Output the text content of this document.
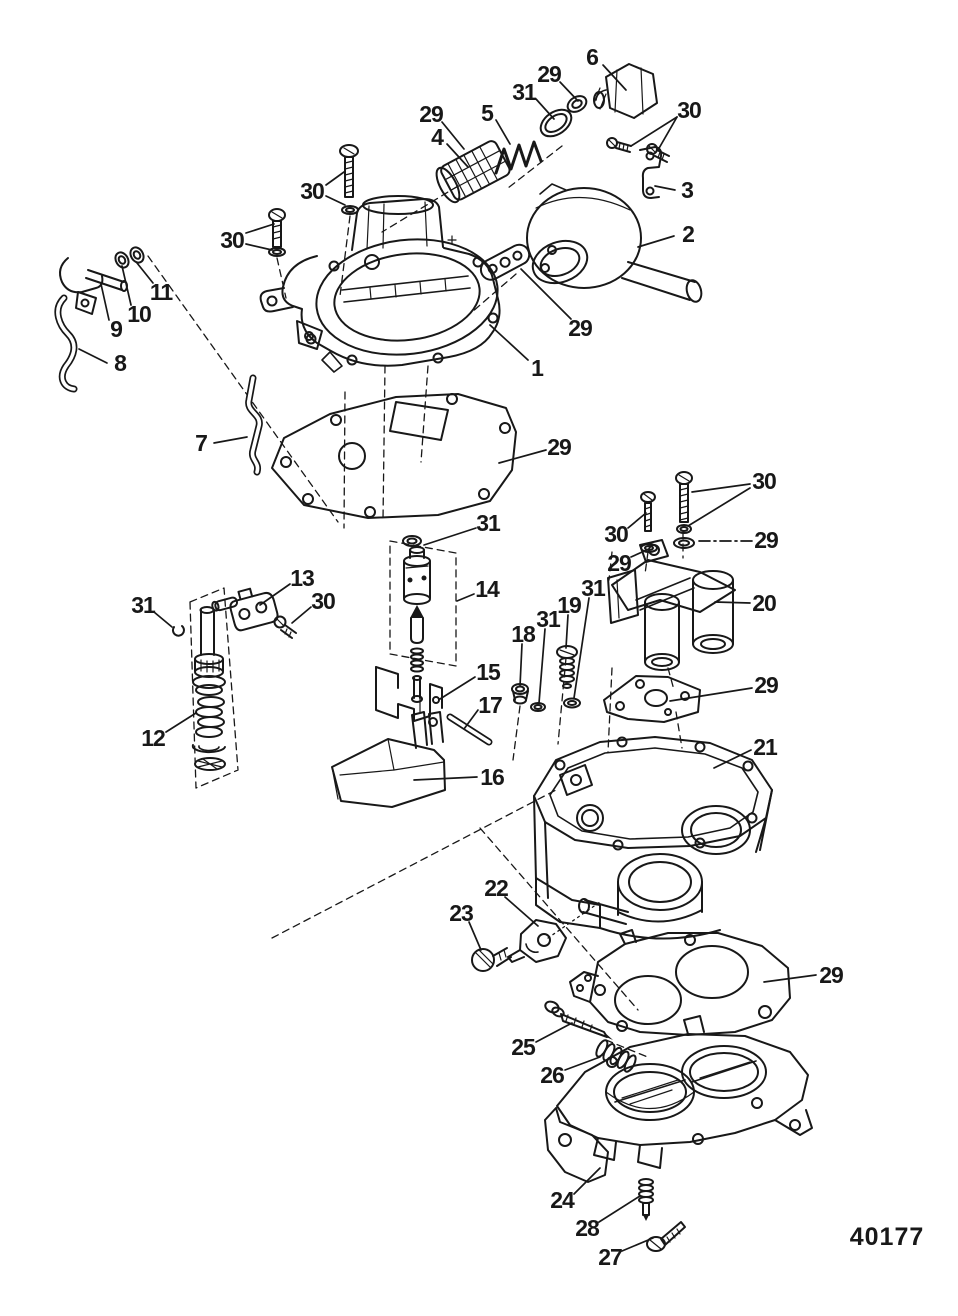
40177
6
29
31
5
29
4
30
3
2
29
1
30
30
11
10
9
8
7	29
31
13
30
31
12
14
15
17
16
18
31
19
31
30
30	29
29
20
29
21
22
23
29
25
26
24
28
27
